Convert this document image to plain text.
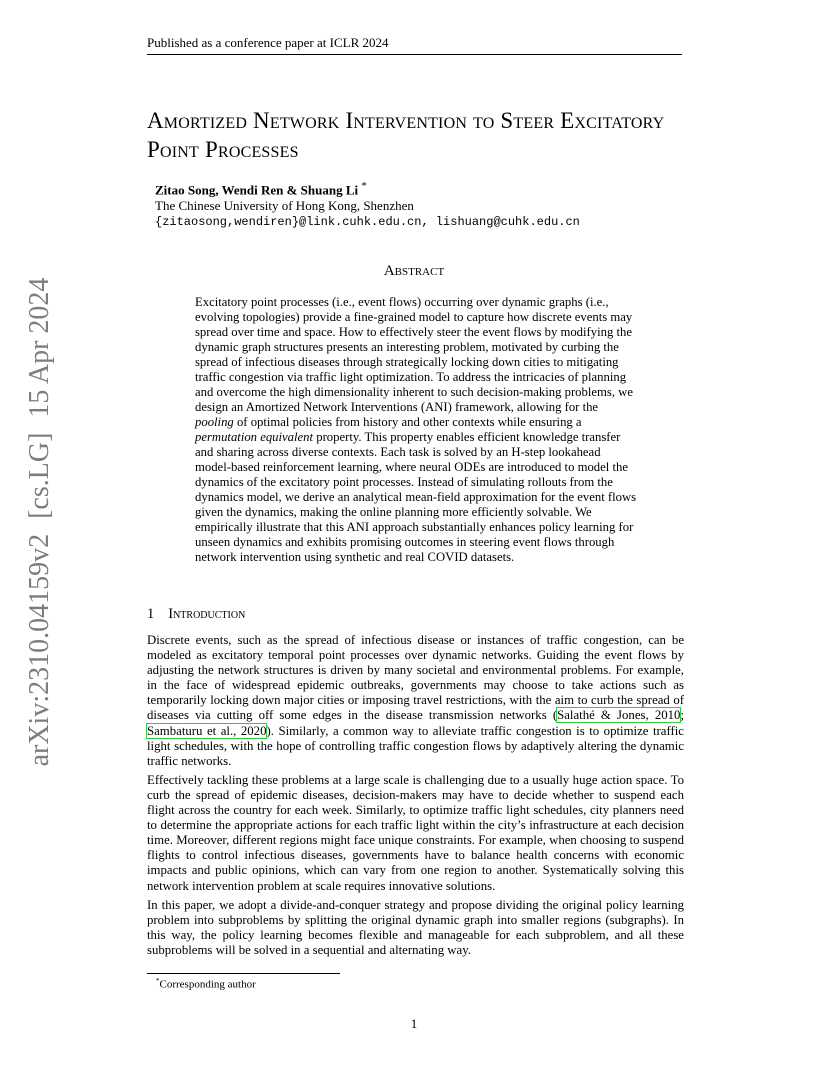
Published as a conference paper at ICLR 2024
Amortized Network Intervention to Steer Excitatory Point Processes
Zitao Song, Wendi Ren & Shuang Li *
The Chinese University of Hong Kong, Shenzhen
{zitaosong,wendiren}@link.cuhk.edu.cn, lishuang@cuhk.edu.cn
Abstract
Excitatory point processes (i.e., event flows) occurring over dynamic graphs (i.e., evolving topologies) provide a fine-grained model to capture how discrete events may spread over time and space. How to effectively steer the event flows by modifying the dynamic graph structures presents an interesting problem, motivated by curbing the spread of infectious diseases through strategically locking down cities to mitigating traffic congestion via traffic light optimization. To address the intricacies of planning and overcome the high dimensionality inherent to such decision-making problems, we design an Amortized Network Interventions (ANI) framework, allowing for the pooling of optimal policies from history and other contexts while ensuring a permutation equivalent property. This property enables efficient knowledge transfer and sharing across diverse contexts. Each task is solved by an H-step lookahead model-based reinforcement learning, where neural ODEs are introduced to model the dynamics of the excitatory point processes. Instead of simulating rollouts from the dynamics model, we derive an analytical mean-field approximation for the event flows given the dynamics, making the online planning more efficiently solvable. We empirically illustrate that this ANI approach substantially enhances policy learning for unseen dynamics and exhibits promising outcomes in steering event flows through network intervention using synthetic and real COVID datasets.
1 Introduction

Discrete events, such as the spread of infectious disease or instances of traffic congestion, can be modeled as excitatory temporal point processes over dynamic networks. Guiding the event flows by adjusting the network structures is driven by many societal and environmental problems. For example, in the face of widespread epidemic outbreaks, governments may choose to take actions such as temporarily locking down major cities or imposing travel restrictions, with the aim to curb the spread of diseases via cutting off some edges in the disease transmission networks (Salathé & Jones, 2010; Sambaturu et al., 2020). Similarly, a common way to alleviate traffic congestion is to optimize traffic light schedules, with the hope of controlling traffic congestion flows by adaptively altering the dynamic traffic networks.

Effectively tackling these problems at a large scale is challenging due to a usually huge action space. To curb the spread of epidemic diseases, decision-makers may have to decide whether to suspend each flight across the country for each week. Similarly, to optimize traffic light schedules, city planners need to determine the appropriate actions for each traffic light within the city’s infrastructure at each decision time. Moreover, different regions might face unique constraints. For example, when choosing to suspend flights to control infectious diseases, governments have to balance health concerns with economic impacts and public opinions, which can vary from one region to another. Systematically solving this network intervention problem at scale requires innovative solutions.

In this paper, we adopt a divide-and-conquer strategy and propose dividing the original policy learning problem into subproblems by splitting the original dynamic graph into smaller regions (subgraphs). In this way, the policy learning becomes flexible and manageable for each subproblem, and all these subproblems will be solved in a sequential and alternating way.

*Corresponding author
1
arXiv:2310.04159v2 [cs.LG] 15 Apr 2024
